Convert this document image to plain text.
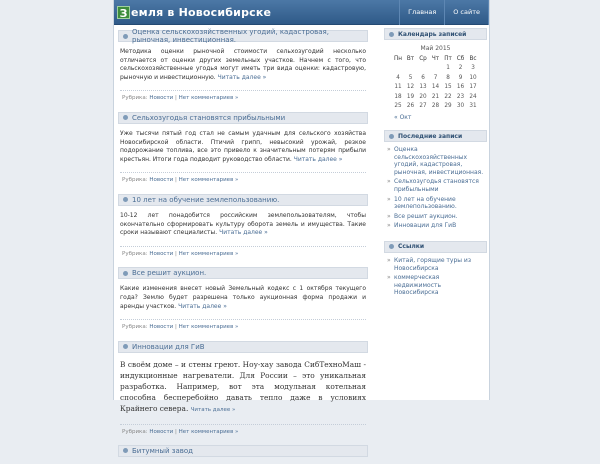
З емля в Новосибирске	Главная	О сайте
Оценка сельскохозяйственных угодий, кадастровая, рыночная, инвестиционная.
Методика оценки рыночной стоимости сельхозугодий несколько отличается от оценки других земельных участков. Начнем с того, что сельскохозяйственные угодья могут иметь три вида оценки: кадастровую, рыночную и инвестиционную. Читать далее »
Рубрика: Новости | Нет комментариев »
Сельхозугодья становятся прибыльными
Уже тысячи пятый год стал не самым удачным для сельского хозяйства Новосибирской области. Птичий грипп, невысокий урожай, резкое подорожание топлива, все это привело к значительным потерям прибыли крестьян. Итоги года подводит руководство области. Читать далее »
Рубрика: Новости | Нет комментариев »
10 лет на обучение землепользованию.
10-12 лет понадобится российским землепользователям, чтобы окончательно сформировать культуру оборота земель и имущества. Такие сроки называют специалисты. Читать далее »
Рубрика: Новости | Нет комментариев »
Все решит аукцион.
Какие изменения внесет новый Земельный кодекс с 1 октября текущего года? Землю будет разрешена только аукционная форма продажи и аренды участков. Читать далее »
Рубрика: Новости | Нет комментариев »
Инновации для ГиВ
В своём доме – и стены греют. Ноу-хау завода СибТехноМаш - индукционные нагреватели. Для России – это уникальная разработка. Например, вот эта модульная котельная способна бесперебойно давать тепло даже в условиях Крайнего севера. Читать далее »
Рубрика: Новости | Нет комментариев »
Битумный завод
Календарь записей
Май 2015
Пн	Вт	Ср	Чт	Пт	Сб	Вс
				1	2	3
4	5	6	7	8	9	10
11	12	13	14	15	16	17
18	19	20	21	22	23	24
25	26	27	28	29	30	31
« Окт
Последние записи
» Оценка сельскохозяйственных угодий, кадастровая, рыночная, инвестиционная.
» Сельхозугодья становятся прибыльными
» 10 лет на обучение землепользованию.
» Все решит аукцион.
» Инновации для ГиВ
Ссылки
» Китай, горящие туры из Новосибирска
» коммерческая недвижимость Новосибирска
